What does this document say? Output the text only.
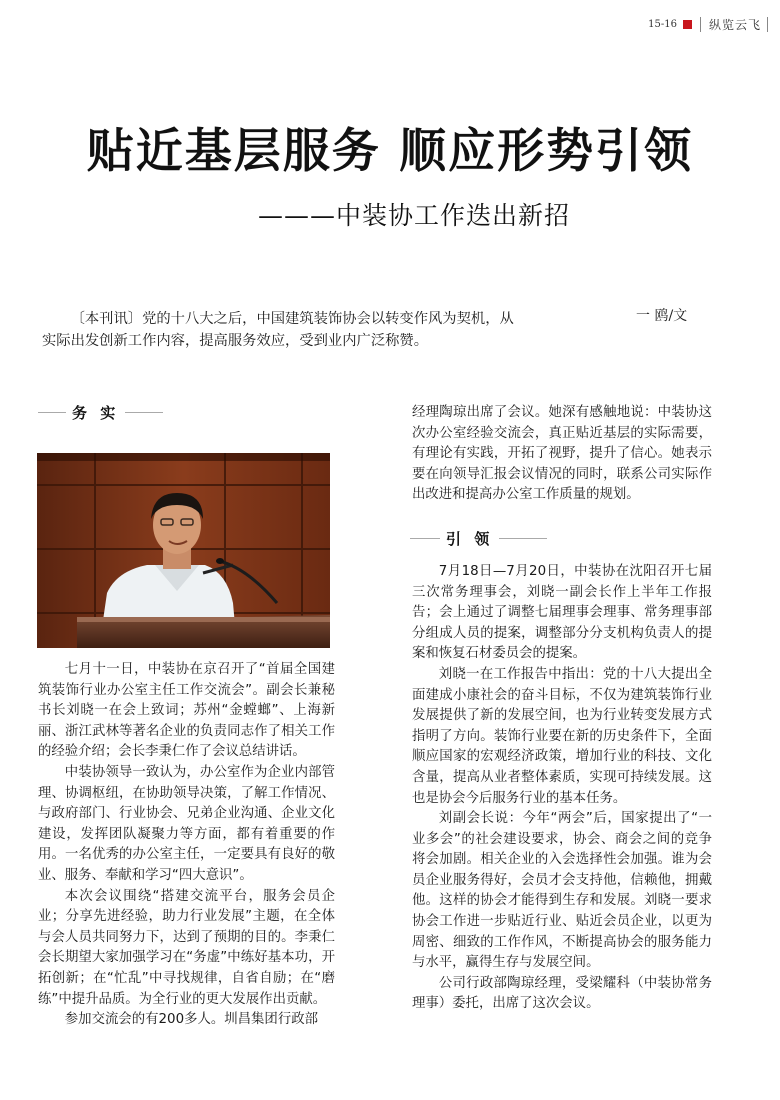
15-16	纵览云飞
贴近基层服务 顺应形势引领
———中装协工作迭出新招

〔本刊讯〕党的十八大之后，中国建筑装饰协会以转变作风为契机，从实际出发创新工作内容，提高服务效应，受到业内广泛称赞。

一 鸥/文
务 实

七月十一日，中装协在京召开了“首届全国建筑装饰行业办公室主任工作交流会”。副会长兼秘书长刘晓一在会上致词；苏州“金螳螂”、上海新丽、浙江武林等著名企业的负责同志作了相关工作的经验介绍；会长李秉仁作了会议总结讲话。

中装协领导一致认为，办公室作为企业内部管理、协调枢纽，在协助领导决策，了解工作情况、与政府部门、行业协会、兄弟企业沟通、企业文化建设，发挥团队凝聚力等方面，都有着重要的作用。一名优秀的办公室主任，一定要具有良好的敬业、服务、奉献和学习“四大意识”。

本次会议围绕“搭建交流平台，服务会员企业；分享先进经验，助力行业发展”主题，在全体与会人员共同努力下，达到了预期的目的。李秉仁会长期望大家加强学习在“务虚”中练好基本功，开拓创新；在“忙乱”中寻找规律，自省自励；在“磨练”中提升品质。为全行业的更大发展作出贡献。

参加交流会的有200多人。圳昌集团行政部

经理陶琼出席了会议。她深有感触地说：中装协这次办公室经验交流会，真正贴近基层的实际需要，有理论有实践，开拓了视野，提升了信心。她表示要在向领导汇报会议情况的同时，联系公司实际作出改进和提高办公室工作质量的规划。

7月18日—7月20日，中装协在沈阳召开七届三次常务理事会，刘晓一副会长作上半年工作报告；会上通过了调整七届理事会理事、常务理事部分组成人员的提案，调整部分分支机构负责人的提案和恢复石材委员会的提案。

刘晓一在工作报告中指出：党的十八大提出全面建成小康社会的奋斗目标，不仅为建筑装饰行业发展提供了新的发展空间，也为行业转变发展方式指明了方向。装饰行业要在新的历史条件下，全面顺应国家的宏观经济政策，增加行业的科技、文化含量，提高从业者整体素质，实现可持续发展。这也是协会今后服务行业的基本任务。

刘副会长说：今年“两会”后，国家提出了“一业多会”的社会建设要求，协会、商会之间的竞争将会加剧。相关企业的入会选择性会加强。谁为会员企业服务得好，会员才会支持他，信赖他，拥戴他。这样的协会才能得到生存和发展。刘晓一要求协会工作进一步贴近行业、贴近会员企业，以更为周密、细致的工作作风，不断提高协会的服务能力与水平，赢得生存与发展空间。

公司行政部陶琼经理，受梁耀科（中装协常务理事）委托，出席了这次会议。

引 领
